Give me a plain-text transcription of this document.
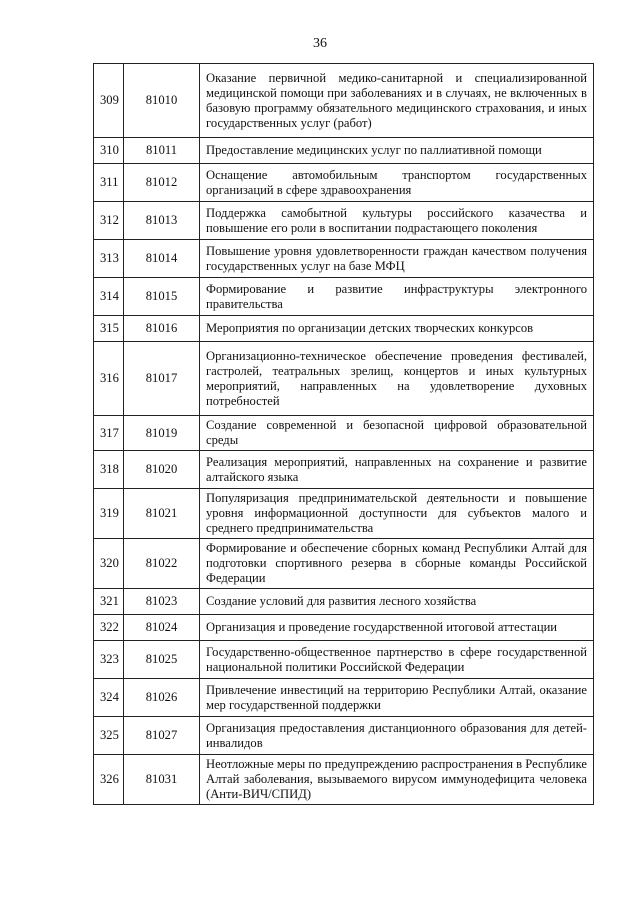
36
309	81010	Оказание первичной медико-санитарной и специализированной медицинской помощи при заболеваниях и в случаях, не включенных в базовую программу обязательного медицинского страхования, и иных государственных услуг (работ)
310	81011	Предоставление медицинских услуг по паллиативной помощи
311	81012	Оснащение автомобильным транспортом государственных организаций в сфере здравоохранения
312	81013	Поддержка самобытной культуры российского казачества и повышение его роли в воспитании подрастающего поколения
313	81014	Повышение уровня удовлетворенности граждан качеством получения государственных услуг на базе МФЦ
314	81015	Формирование и развитие инфраструктуры электронного правительства
315	81016	Мероприятия по организации детских творческих конкурсов
316	81017	Организационно-техническое обеспечение проведения фестивалей, гастролей, театральных зрелищ, концертов и иных культурных мероприятий, направленных на удовлетворение духовных потребностей
317	81019	Создание современной и безопасной цифровой образовательной среды
318	81020	Реализация мероприятий, направленных на сохранение и развитие алтайского языка
319	81021	Популяризация предпринимательской деятельности и повышение уровня информационной доступности для субъектов малого и среднего предпринимательства
320	81022	Формирование и обеспечение сборных команд Республики Алтай для подготовки спортивного резерва в сборные команды Российской Федерации
321	81023	Создание условий для развития лесного хозяйства
322	81024	Организация и проведение государственной итоговой аттестации
323	81025	Государственно-общественное партнерство в сфере государственной национальной политики Российской Федерации
324	81026	Привлечение инвестиций на территорию Республики Алтай, оказание мер государственной поддержки
325	81027	Организация предоставления дистанционного образования для детей-инвалидов
326	81031	Неотложные меры по предупреждению распространения в Республике Алтай заболевания, вызываемого вирусом иммунодефицита человека (Анти-ВИЧ/СПИД)
